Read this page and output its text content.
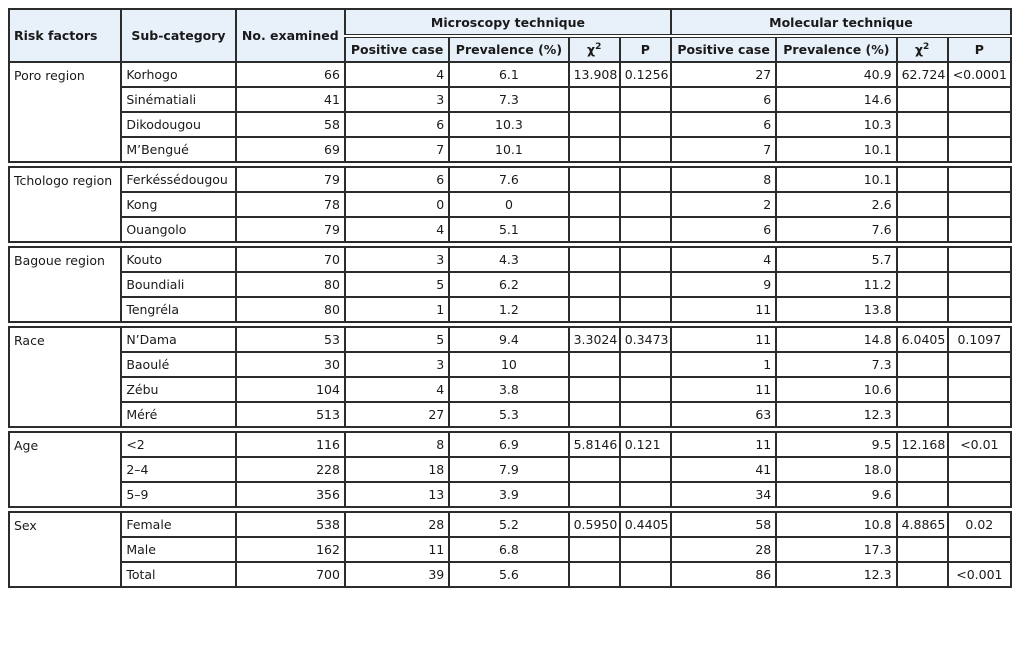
Risk factors	Sub-category	No. examined	Microscopy technique				Molecular technique			
			Positive case	Prevalence (%)	$\chi^2$	P	Positive case	Prevalence (%)	$\chi^2$	P
Poro region	Korhogo	66	4	6.1	13.908	0.1256	27	40.9	62.724	<0.0001
	Sinématiali	41	3	7.3			6	14.6		
	Dikodougou	58	6	10.3			6	10.3		
	M’Bengué	69	7	10.1			7	10.1		

Tchologo region	Ferkéssédougou	79	6	7.6			8	10.1		
	Kong	78	0	0			2	2.6		
	Ouangolo	79	4	5.1			6	7.6		

Bagoue region	Kouto	70	3	4.3			4	5.7		
	Boundiali	80	5	6.2			9	11.2		
	Tengréla	80	1	1.2			11	13.8		

Race	N’Dama	53	5	9.4	3.3024	0.3473	11	14.8	6.0405	0.1097
	Baoulé	30	3	10			1	7.3		
	Zébu	104	4	3.8			11	10.6		
	Méré	513	27	5.3			63	12.3		

Age	<2	116	8	6.9	5.8146	0.121	11	9.5	12.168	<0.01
	2–4	228	18	7.9			41	18.0		
	5–9	356	13	3.9			34	9.6		

Sex	Female	538	28	5.2	0.5950	0.4405	58	10.8	4.8865	0.02
	Male	162	11	6.8			28	17.3		
	Total	700	39	5.6			86	12.3		<0.001
